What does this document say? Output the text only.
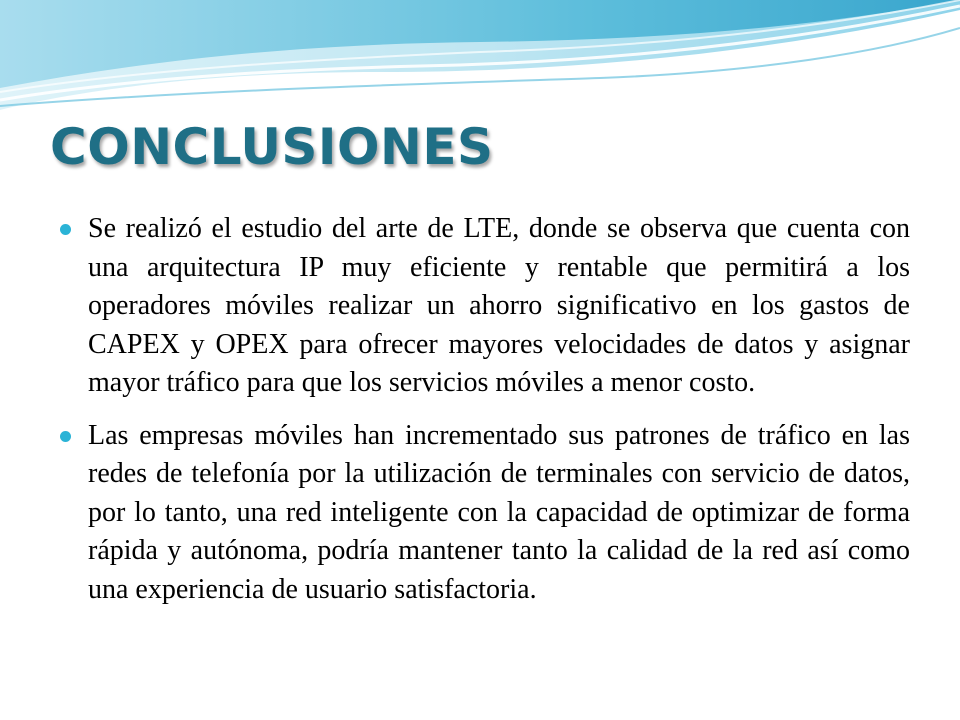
CONCLUSIONES
Se realizó el estudio del arte de LTE, donde se observa que cuenta con una arquitectura IP muy eficiente y rentable que permitirá a los operadores móviles realizar un ahorro significativo en los gastos de CAPEX y OPEX para ofrecer mayores velocidades de datos y asignar mayor tráfico para que los servicios móviles a menor costo.
Las empresas móviles han incrementado sus patrones de tráfico en las redes de telefonía por la utilización de terminales con servicio de datos, por lo tanto, una red inteligente con la capacidad de optimizar de forma rápida y autónoma, podría mantener tanto la calidad de la red así como una experiencia de usuario satisfactoria.
